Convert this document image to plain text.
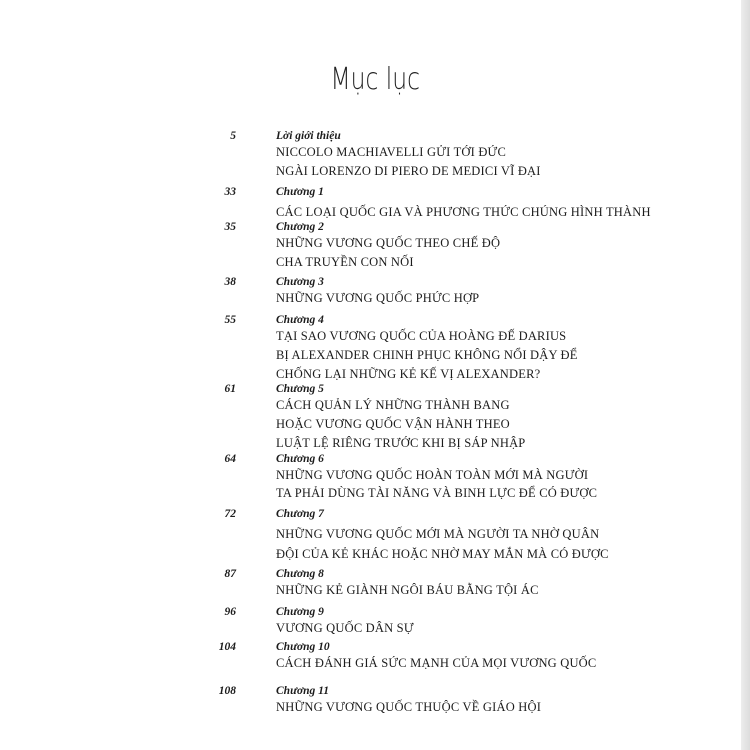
Mục lục
5	Lời giới thiệu
NICCOLO MACHIAVELLI GỬI TỚI ĐỨC
NGÀI LORENZO DI PIERO DE MEDICI VĨ ĐẠI
33	Chương 1
CÁC LOẠI QUỐC GIA VÀ PHƯƠNG THỨC CHÚNG HÌNH THÀNH
35	Chương 2
NHỮNG VƯƠNG QUỐC THEO CHẾ ĐỘ
CHA TRUYỀN CON NỐI
38	Chương 3
NHỮNG VƯƠNG QUỐC PHỨC HỢP
55	Chương 4
TẠI SAO VƯƠNG QUỐC CỦA HOÀNG ĐẾ DARIUS
BỊ ALEXANDER CHINH PHỤC KHÔNG NỔI DẬY ĐỂ
CHỐNG LẠI NHỮNG KẺ KẾ VỊ ALEXANDER?
61	Chương 5
CÁCH QUẢN LÝ NHỮNG THÀNH BANG
HOẶC VƯƠNG QUỐC VẬN HÀNH THEO
LUẬT LỆ RIÊNG TRƯỚC KHI BỊ SÁP NHẬP
64	Chương 6
NHỮNG VƯƠNG QUỐC HOÀN TOÀN MỚI MÀ NGƯỜI
TA PHẢI DÙNG TÀI NĂNG VÀ BINH LỰC ĐỂ CÓ ĐƯỢC
72	Chương 7
NHỮNG VƯƠNG QUỐC MỚI MÀ NGƯỜI TA NHỜ QUÂN
ĐỘI CỦA KẺ KHÁC HOẶC NHỜ MAY MẮN MÀ CÓ ĐƯỢC
87	Chương 8
NHỮNG KẺ GIÀNH NGÔI BÁU BẰNG TỘI ÁC
96	Chương 9
VƯƠNG QUỐC DÂN SỰ
104	Chương 10
CÁCH ĐÁNH GIÁ SỨC MẠNH CỦA MỌI VƯƠNG QUỐC
108	Chương 11
NHỮNG VƯƠNG QUỐC THUỘC VỀ GIÁO HỘI
